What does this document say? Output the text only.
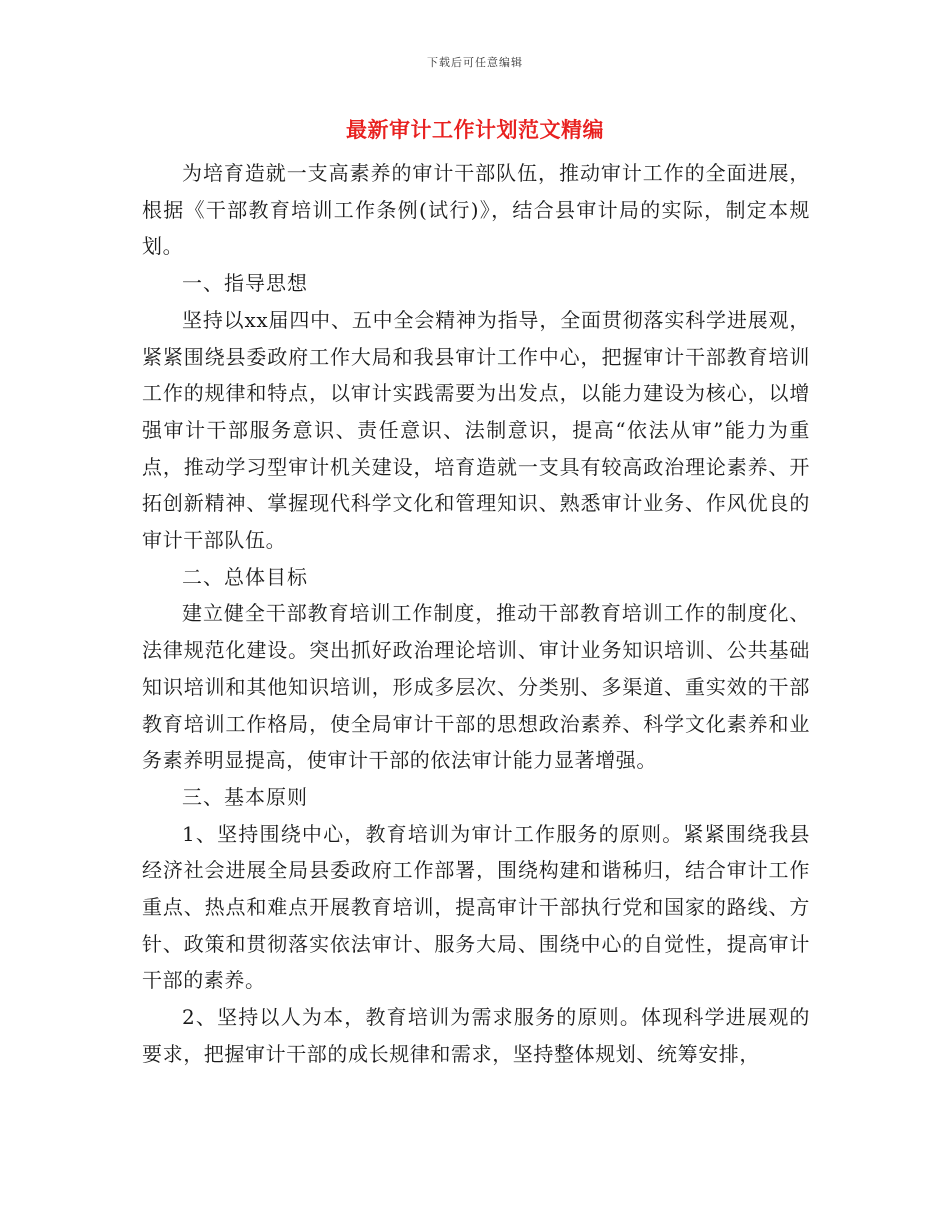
下载后可任意编辑
最新审计工作计划范文精编

为培育造就一支高素养的审计干部队伍，推动审计工作的全面进展，根据《干部教育培训工作条例(试行)》，结合县审计局的实际，制定本规划。

一、指导思想

坚持以xx届四中、五中全会精神为指导，全面贯彻落实科学进展观，紧紧围绕县委政府工作大局和我县审计工作中心，把握审计干部教育培训工作的规律和特点，以审计实践需要为出发点，以能力建设为核心，以增强审计干部服务意识、责任意识、法制意识，提高“依法从审”能力为重点，推动学习型审计机关建设，培育造就一支具有较高政治理论素养、开拓创新精神、掌握现代科学文化和管理知识、熟悉审计业务、作风优良的审计干部队伍。

二、总体目标

建立健全干部教育培训工作制度，推动干部教育培训工作的制度化、法律规范化建设。突出抓好政治理论培训、审计业务知识培训、公共基础知识培训和其他知识培训，形成多层次、分类别、多渠道、重实效的干部教育培训工作格局，使全局审计干部的思想政治素养、科学文化素养和业务素养明显提高，使审计干部的依法审计能力显著增强。

三、基本原则

1、坚持围绕中心，教育培训为审计工作服务的原则。紧紧围绕我县经济社会进展全局县委政府工作部署，围绕构建和谐秭归，结合审计工作重点、热点和难点开展教育培训，提高审计干部执行党和国家的路线、方针、政策和贯彻落实依法审计、服务大局、围绕中心的自觉性，提高审计干部的素养。

2、坚持以人为本，教育培训为需求服务的原则。体现科学进展观的要求，把握审计干部的成长规律和需求，坚持整体规划、统筹安排，
